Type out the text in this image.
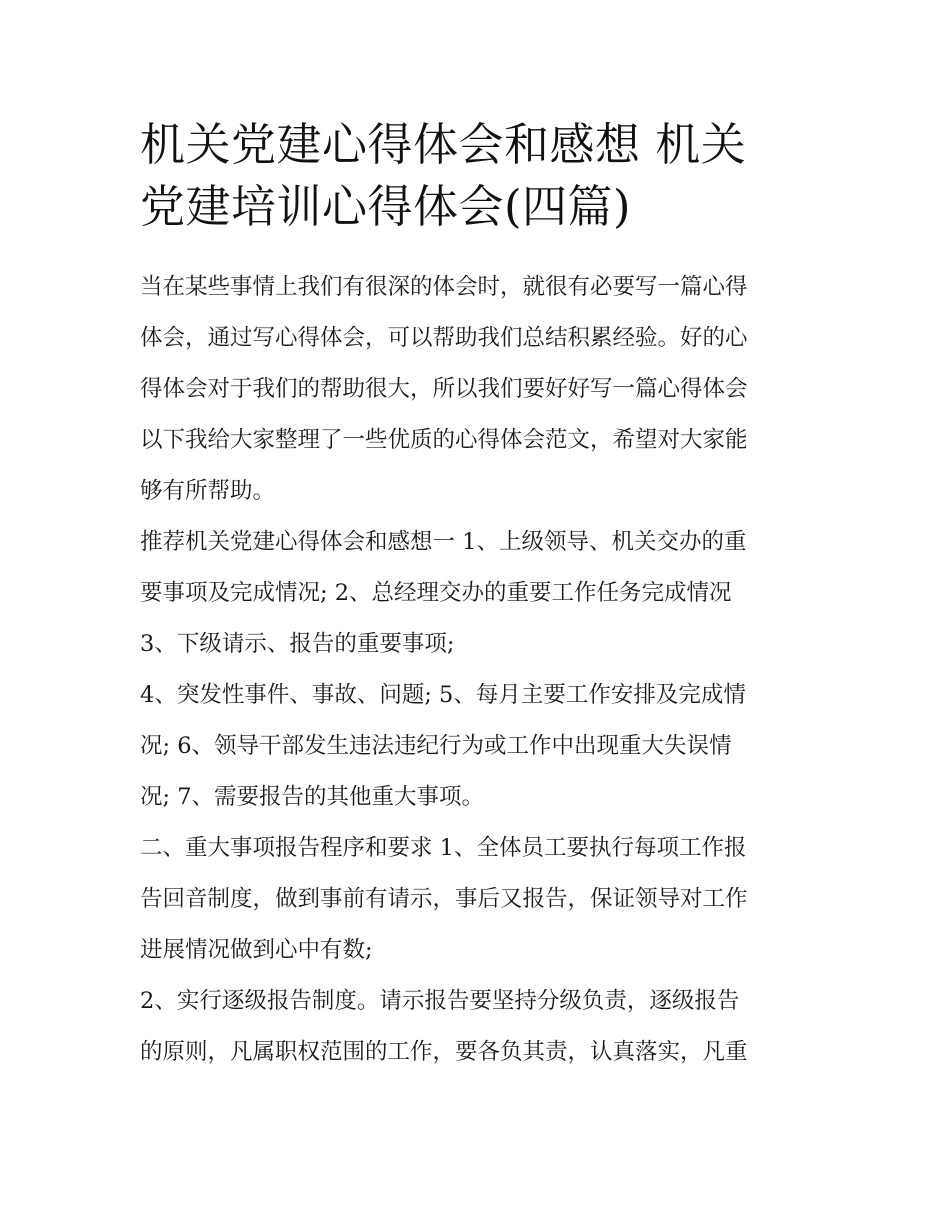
机关党建心得体会和感想 机关
党建培训心得体会(四篇)

当在某些事情上我们有很深的体会时，就很有必要写一篇心得
体会，通过写心得体会，可以帮助我们总结积累经验。好的心
得体会对于我们的帮助很大，所以我们要好好写一篇心得体会
以下我给大家整理了一些优质的心得体会范文，希望对大家能
够有所帮助。

推荐机关党建心得体会和感想一 1、上级领导、机关交办的重
要事项及完成情况; 2、总经理交办的重要工作任务完成情况

3、下级请示、报告的重要事项;

4、突发性事件、事故、问题; 5、每月主要工作安排及完成情
况; 6、领导干部发生违法违纪行为或工作中出现重大失误情
况; 7、需要报告的其他重大事项。

二、重大事项报告程序和要求 1、全体员工要执行每项工作报
告回音制度，做到事前有请示，事后又报告，保证领导对工作
进展情况做到心中有数;

2、实行逐级报告制度。请示报告要坚持分级负责，逐级报告
的原则，凡属职权范围的工作，要各负其责，认真落实，凡重
